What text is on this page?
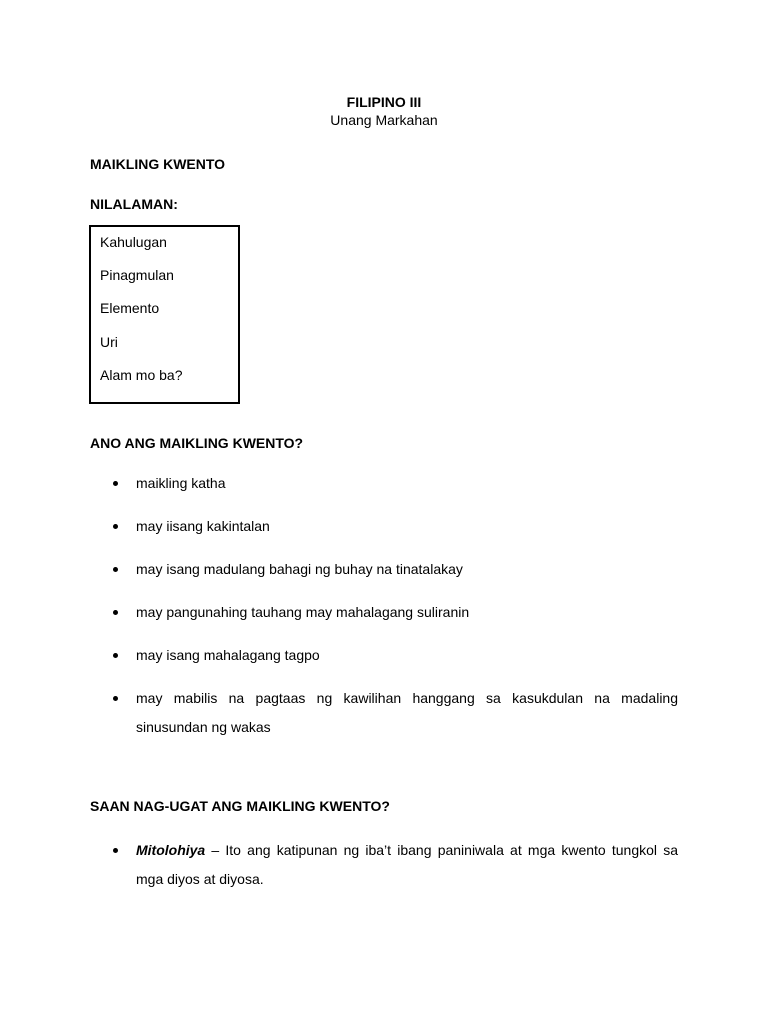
FILIPINO III
Unang Markahan
MAIKLING KWENTO
NILALAMAN:
Kahulugan
Pinagmulan
Elemento
Uri
Alam mo ba?
ANO ANG MAIKLING KWENTO?
maikling katha
may iisang kakintalan
may isang madulang bahagi ng buhay na tinatalakay
may pangunahing tauhang may mahalagang suliranin
may isang mahalagang tagpo
may mabilis na pagtaas ng kawilihan hanggang sa kasukdulan na madaling sinusundan ng wakas
SAAN NAG-UGAT ANG MAIKLING KWENTO?
Mitolohiya – Ito ang katipunan ng iba’t ibang paniniwala at mga kwento tungkol sa mga diyos at diyosa.
